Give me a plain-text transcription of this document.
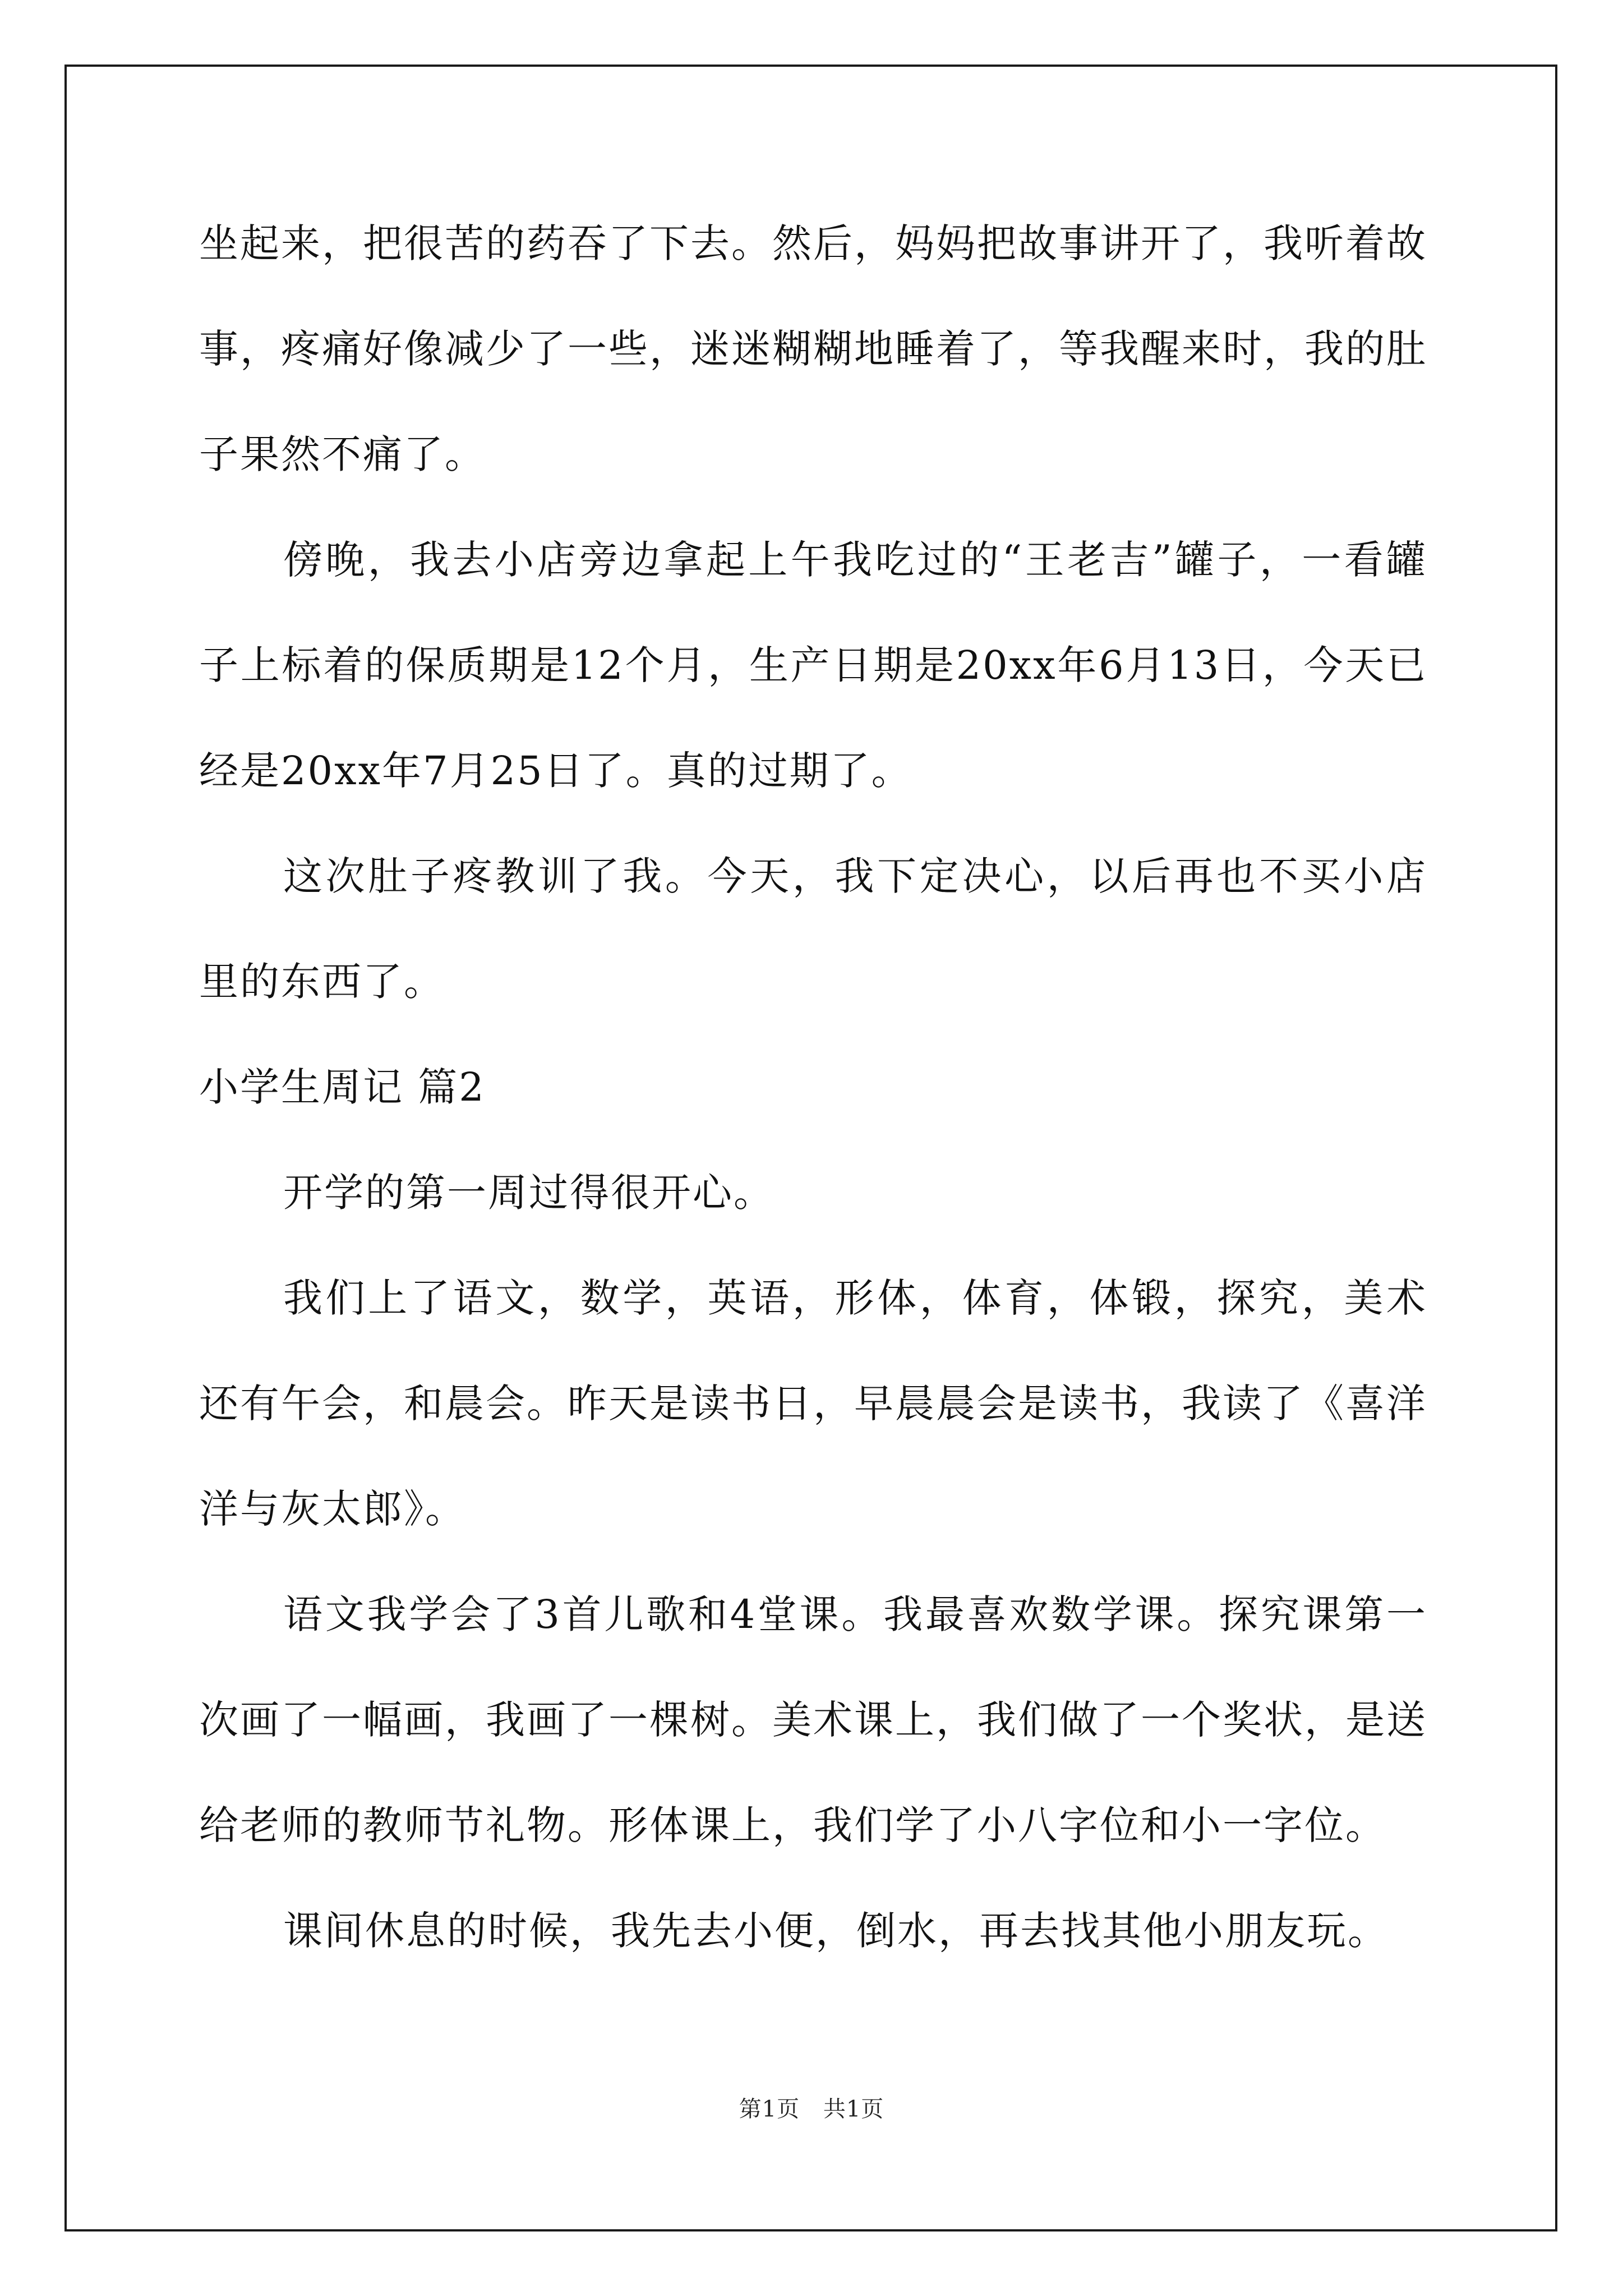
坐起来，把很苦的药吞了下去。然后，妈妈把故事讲开了，我听着故事，疼痛好像减少了一些，迷迷糊糊地睡着了，等我醒来时，我的肚子果然不痛了。

傍晚，我去小店旁边拿起上午我吃过的“王老吉”罐子，一看罐子上标着的保质期是12个月，生产日期是20xx年6月13日，今天已经是20xx年7月25日了。真的过期了。

这次肚子疼教训了我。今天，我下定决心，以后再也不买小店里的东西了。

小学生周记 篇2

开学的第一周过得很开心。

我们上了语文，数学，英语，形体，体育，体锻，探究，美术还有午会，和晨会。昨天是读书日，早晨晨会是读书，我读了《喜洋洋与灰太郎》。

语文我学会了3首儿歌和4堂课。我最喜欢数学课。探究课第一次画了一幅画，我画了一棵树。美术课上，我们做了一个奖状，是送给老师的教师节礼物。形体课上，我们学了小八字位和小一字位。

课间休息的时候，我先去小便，倒水，再去找其他小朋友玩。

第1页 共1页
